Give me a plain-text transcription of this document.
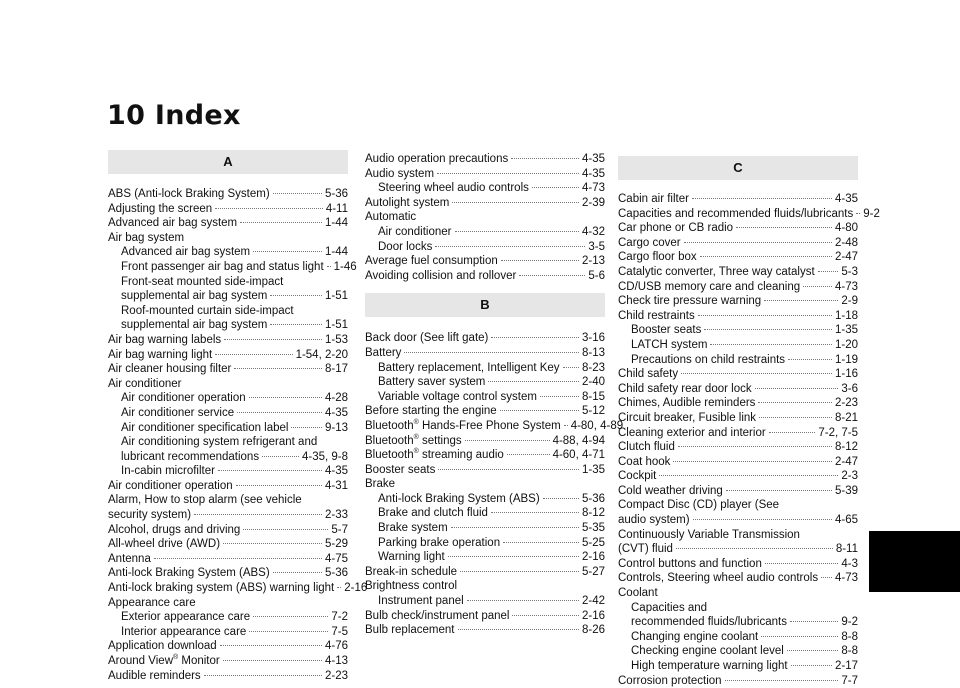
10 Index
A
ABS (Anti-lock Braking System)	5-36
Adjusting the screen	4-11
Advanced air bag system	1-44
Air bag system
Advanced air bag system	1-44
Front passenger air bag and status light 1-46
Front-seat mounted side-impact
supplemental air bag system	1-51
Roof-mounted curtain side-impact
supplemental air bag system	1-51
Air bag warning labels	1-53
Air bag warning light	1-54, 2-20
Air cleaner housing filter	8-17
Air conditioner
Air conditioner operation	4-28
Air conditioner service	4-35
Air conditioner specification label	9-13
Air conditioning system refrigerant and
lubricant recommendations	4-35, 9-8
In-cabin microfilter	4-35
Air conditioner operation	4-31
Alarm, How to stop alarm (see vehicle
security system)	2-33
Alcohol, drugs and driving	5-7
All-wheel drive (AWD)	5-29
Antenna	4-75
Anti-lock Braking System (ABS)	5-36
Anti-lock braking system (ABS) warning light 2-16
Appearance care
Exterior appearance care	7-2
Interior appearance care	7-5
Application download	4-76
Around View® Monitor	4-13
Audible reminders	2-23
Audio operation precautions	4-35
Audio system	4-35
Steering wheel audio controls	4-73
Autolight system	2-39
Automatic
Air conditioner	4-32
Door locks	3-5
Average fuel consumption	2-13
Avoiding collision and rollover	5-6
B
Back door (See lift gate)	3-16
Battery	8-13
Battery replacement, Intelligent Key 8-23
Battery saver system	2-40
Variable voltage control system	8-15
Before starting the engine	5-12
Bluetooth® Hands-Free Phone System 4-80, 4-89
Bluetooth® settings	4-88, 4-94
Bluetooth® streaming audio	4-60, 4-71
Booster seats	1-35
Brake
Anti-lock Braking System (ABS)	5-36
Brake and clutch fluid	8-12
Brake system	5-35
Parking brake operation	5-25
Warning light	2-16
Break-in schedule	5-27
Brightness control
Instrument panel	2-42
Bulb check/instrument panel	2-16
Bulb replacement	8-26
C
Cabin air filter	4-35
Capacities and recommended fluids/lubricants 9-2
Car phone or CB radio	4-80
Cargo cover	2-48
Cargo floor box	2-47
Catalytic converter, Three way catalyst 5-3
CD/USB memory care and cleaning	4-73
Check tire pressure warning	2-9
Child restraints	1-18
Booster seats	1-35
LATCH system	1-20
Precautions on child restraints	1-19
Child safety	1-16
Child safety rear door lock	3-6
Chimes, Audible reminders	2-23
Circuit breaker, Fusible link	8-21
Cleaning exterior and interior	7-2, 7-5
Clutch fluid	8-12
Coat hook	2-47
Cockpit	2-3
Cold weather driving	5-39
Compact Disc (CD) player (See
audio system)	4-65
Continuously Variable Transmission
(CVT) fluid	8-11
Control buttons and function	4-3
Controls, Steering wheel audio controls 4-73
Coolant
Capacities and
recommended fluids/lubricants	9-2
Changing engine coolant	8-8
Checking engine coolant level	8-8
High temperature warning light	2-17
Corrosion protection	7-7
